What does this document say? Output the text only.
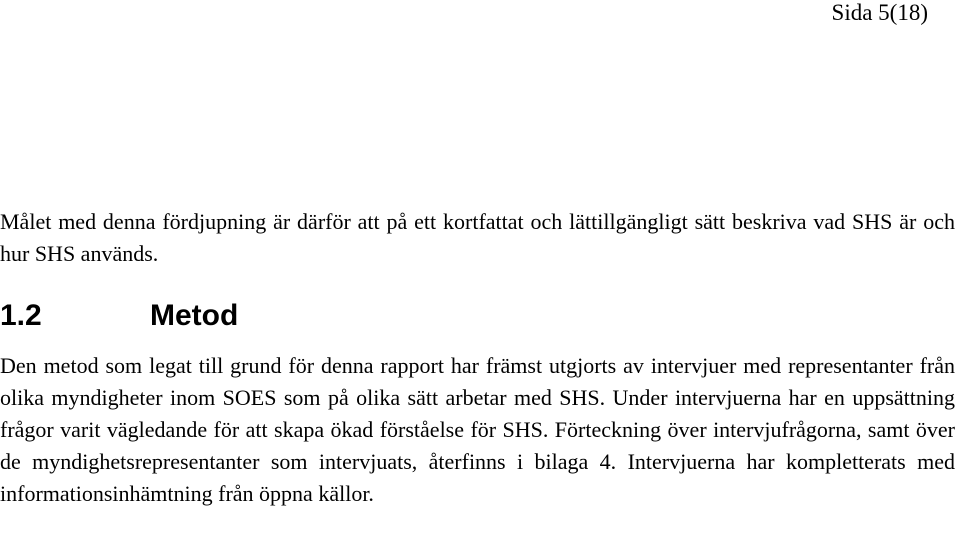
Sida 5(18)
Målet med denna fördjupning är därför att på ett kortfattat och lättillgängligt sätt beskriva vad SHS är och hur SHS används.
1.2	Metod
Den metod som legat till grund för denna rapport har främst utgjorts av intervjuer med representanter från olika myndigheter inom SOES som på olika sätt arbetar med SHS. Under intervjuerna har en uppsättning frågor varit vägledande för att skapa ökad förståelse för SHS. Förteckning över intervjufrågorna, samt över de myndighetsrepresentanter som intervjuats, återfinns i bilaga 4. Intervjuerna har kompletterats med informationsinhämtning från öppna källor.
